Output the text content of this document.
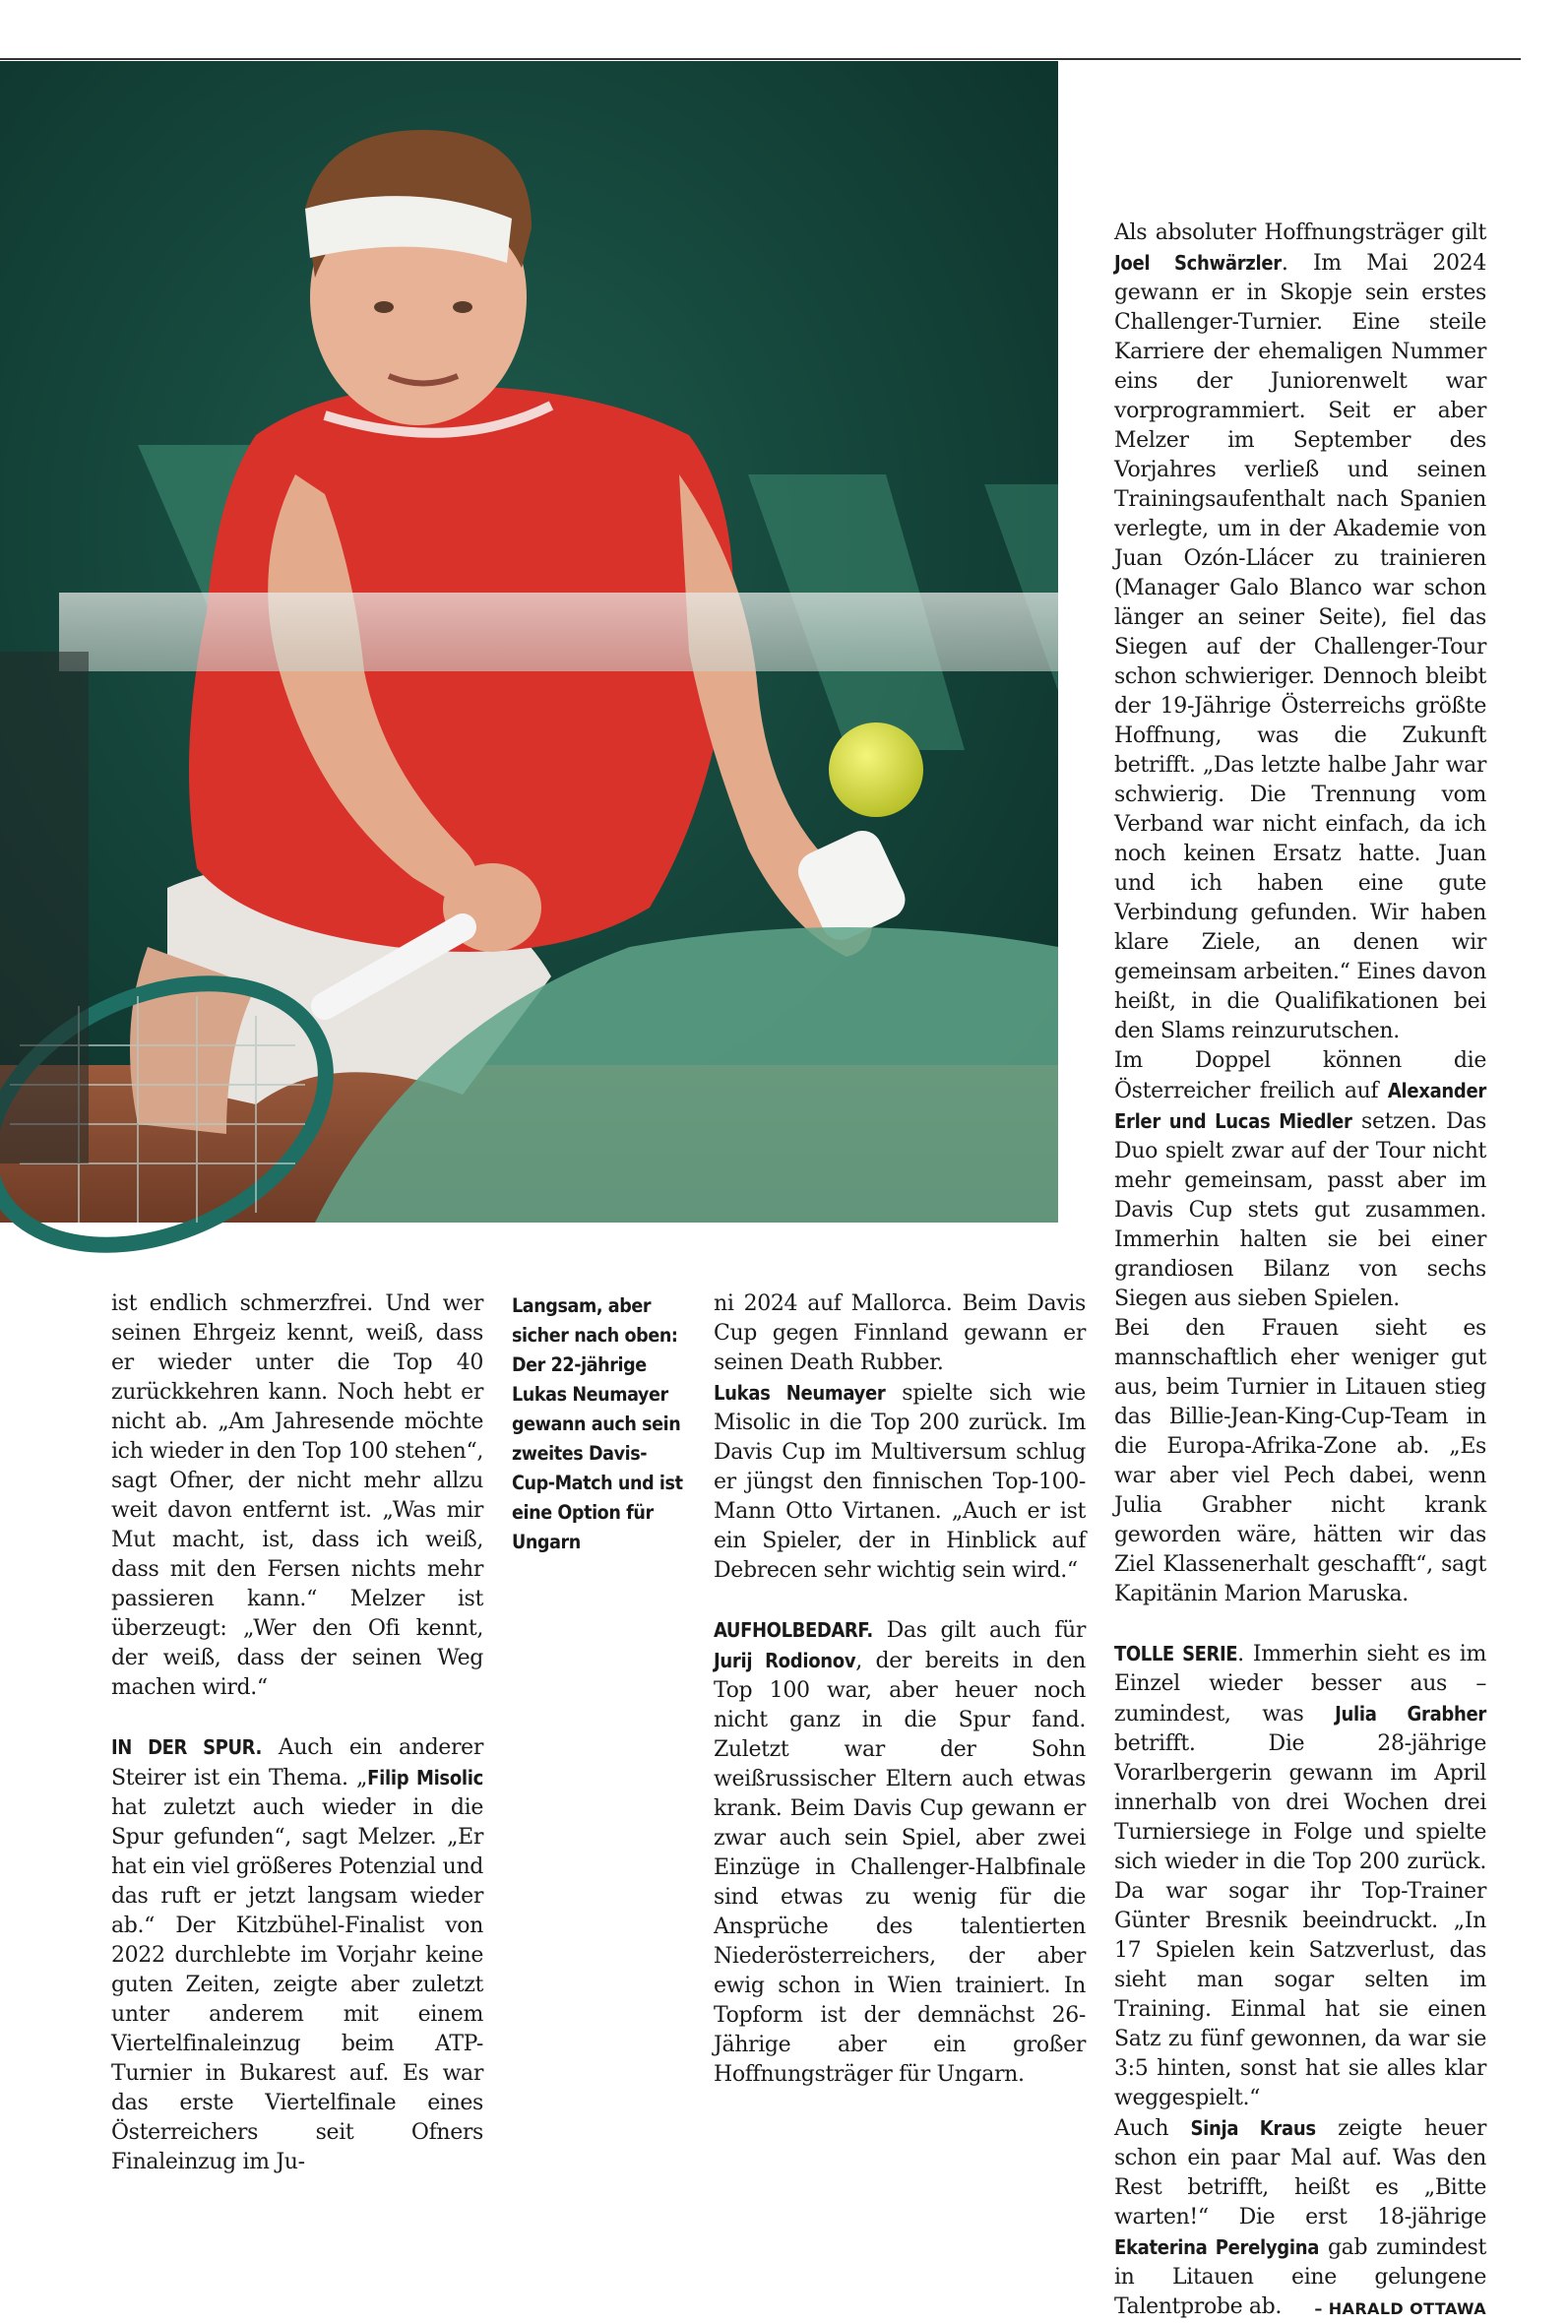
Als absoluter Hoffnungsträger gilt Joel Schwärzler. Im Mai 2024 gewann er in Skopje sein erstes Challenger-Turnier. Eine steile Karriere der ehemaligen Nummer eins der Juniorenwelt war vorprogrammiert. Seit er aber Melzer im September des Vorjahres verließ und seinen Trainingsaufenthalt nach Spanien verlegte, um in der Akademie von Juan Ozón-Llácer zu trainieren (Manager Galo Blanco war schon länger an seiner Seite), fiel das Siegen auf der Challenger-Tour schon schwieriger. Dennoch bleibt der 19-Jährige Österreichs größte Hoffnung, was die Zukunft betrifft. „Das letzte halbe Jahr war schwierig. Die Trennung vom Verband war nicht einfach, da ich noch keinen Ersatz hatte. Juan und ich haben eine gute Verbindung gefunden. Wir haben klare Ziele, an denen wir gemeinsam arbeiten.“ Eines davon heißt, in die Qualifikationen bei den Slams reinzurutschen.

Im Doppel können die Österreicher freilich auf Alexander Erler und Lucas Miedler setzen. Das Duo spielt zwar auf der Tour nicht mehr gemeinsam, passt aber im Davis Cup stets gut zusammen. Immerhin halten sie bei einer grandiosen Bilanz von sechs Siegen aus sieben Spielen.

Bei den Frauen sieht es mannschaftlich eher weniger gut aus, beim Turnier in Litauen stieg das Billie-Jean-King-Cup-Team in die Europa-Afrika-Zone ab. „Es war aber viel Pech dabei, wenn Julia Grabher nicht krank geworden wäre, hätten wir das Ziel Klassenerhalt geschafft“, sagt Kapitänin Marion Maruska.

TOLLE SERIE. Immerhin sieht es im Einzel wieder besser aus – zumindest, was Julia Grabher betrifft. Die 28-jährige Vorarlbergerin gewann im April innerhalb von drei Wochen drei Turniersiege in Folge und spielte sich wieder in die Top 200 zurück. Da war sogar ihr Top-Trainer Günter Bresnik beeindruckt. „In 17 Spielen kein Satzverlust, das sieht man sogar selten im Training. Einmal hat sie einen Satz zu fünf gewonnen, da war sie 3:5 hinten, sonst hat sie alles klar weggespielt.“

Auch Sinja Kraus zeigte heuer schon ein paar Mal auf. Was den Rest betrifft, heißt es „Bitte warten!“ Die erst 18-jährige Ekaterina Perelygina gab zumindest in Litauen eine gelungene Talentprobe ab. – HARALD OTTAWA

ist endlich schmerzfrei. Und wer seinen Ehrgeiz kennt, weiß, dass er wieder unter die Top 40 zurückkehren kann. Noch hebt er nicht ab. „Am Jahresende möchte ich wieder in den Top 100 stehen“, sagt Ofner, der nicht mehr allzu weit davon entfernt ist. „Was mir Mut macht, ist, dass ich weiß, dass mit den Fersen nichts mehr passieren kann.“ Melzer ist überzeugt: „Wer den Ofi kennt, der weiß, dass der seinen Weg machen wird.“

IN DER SPUR. Auch ein anderer Steirer ist ein Thema. „Filip Misolic hat zuletzt auch wieder in die Spur gefunden“, sagt Melzer. „Er hat ein viel größeres Potenzial und das ruft er jetzt langsam wieder ab.“ Der Kitzbühel-Finalist von 2022 durchlebte im Vorjahr keine guten Zeiten, zeigte aber zuletzt unter anderem mit einem Viertelfinaleinzug beim ATP-Turnier in Bukarest auf. Es war das erste Viertelfinale eines Österreichers seit Ofners Finaleinzug im Ju-

Langsam, aber sicher nach oben: Der 22-jährige Lukas Neumayer gewann auch sein zweites Davis-Cup-Match und ist eine Option für Ungarn

ni 2024 auf Mallorca. Beim Davis Cup gegen Finnland gewann er seinen Death Rubber.

Lukas Neumayer spielte sich wie Misolic in die Top 200 zurück. Im Davis Cup im Multiversum schlug er jüngst den finnischen Top-100-Mann Otto Virtanen. „Auch er ist ein Spieler, der in Hinblick auf Debrecen sehr wichtig sein wird.“

AUFHOLBEDARF. Das gilt auch für Jurij Rodionov, der bereits in den Top 100 war, aber heuer noch nicht ganz in die Spur fand. Zuletzt war der Sohn weißrussischer Eltern auch etwas krank. Beim Davis Cup gewann er zwar auch sein Spiel, aber zwei Einzüge in Challenger-Halbfinale sind etwas zu wenig für die Ansprüche des talentierten Niederösterreichers, der aber ewig schon in Wien trainiert. In Topform ist der demnächst 26-Jährige aber ein großer Hoffnungsträger für Ungarn.
